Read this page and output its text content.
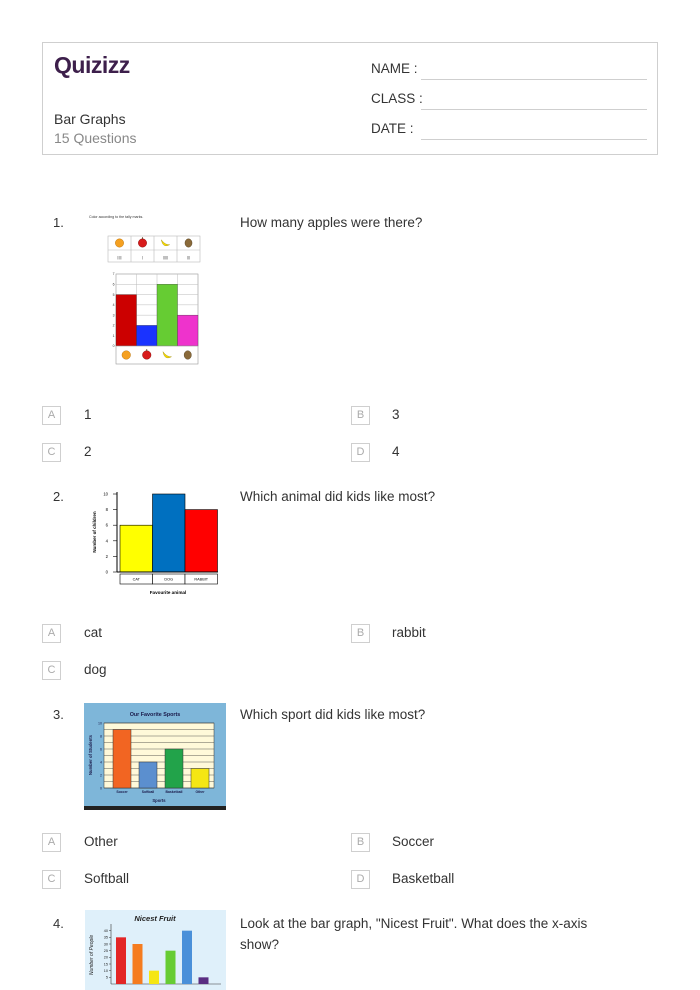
Quizizz
Bar Graphs
15 Questions
NAME :
CLASS :
DATE :
1.	How many apples were there?
Color according to the tally marks.
||||	|	|||||	|||
0
1
2
3
4
5
6
7
A	1	B	3
C	2	D	4
2.	Which animal did kids like most?
0
2
4
6
8
10
CAT	DOG	RABBIT
Number of children
Favourite animal
A	cat	B	rabbit
C	dog
3.	Which sport did kids like most?
Our Favorite Sports
0
2
4
6
8
10
Soccer	Softball	Basketball	Other
Number of Students
Sports
A	Other	B	Soccer
C	Softball	D	Basketball
4.	Look at the bar graph, "Nicest Fruit". What does the x-axis show?
Nicest Fruit
5
10
15
20
25
30
35
40
Number of People
